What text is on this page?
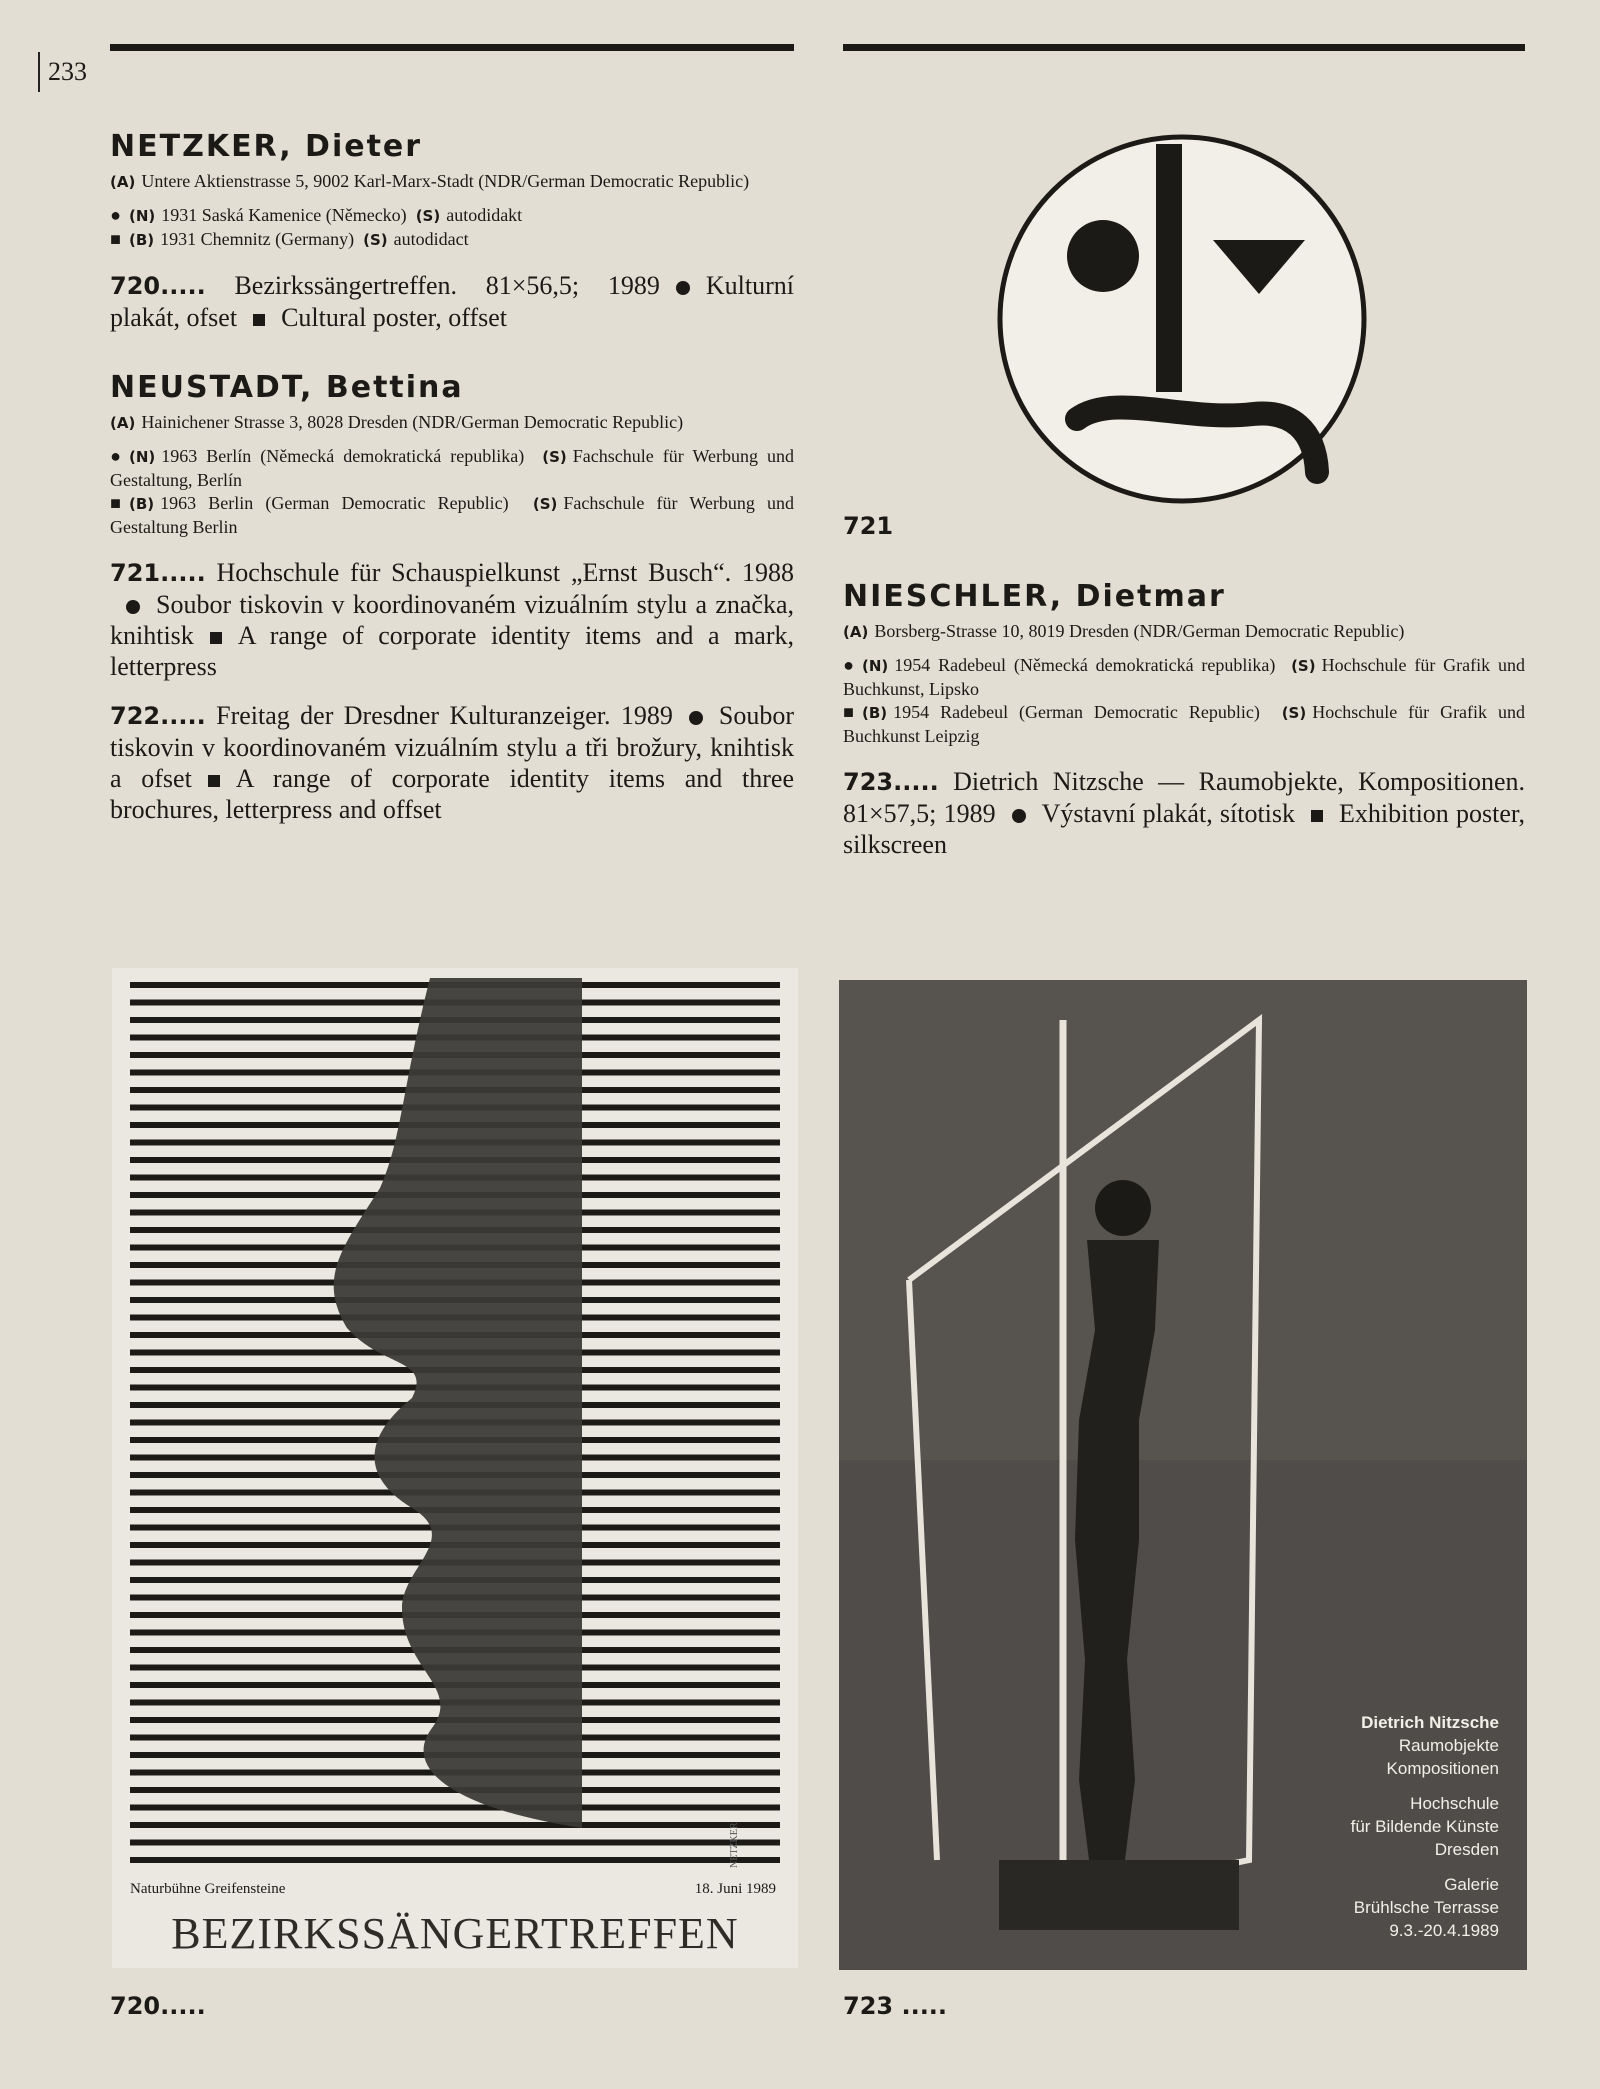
233
NETZKER, Dieter
(A) Untere Aktienstrasse 5, 9002 Karl-Marx-Stadt (NDR/German Democratic Republic)

● (N) 1931 Saská Kamenice (Německo) (S) autodidakt

■ (B) 1931 Chemnitz (Germany) (S) autodidact

720..... Bezirkssängertreffen. 81×56,5; 1989 Kulturní plakát, ofset Cultural poster, offset
NEUSTADT, Bettina
(A) Hainichener Strasse 3, 8028 Dresden (NDR/German Democratic Republic)

● (N) 1963 Berlín (Německá demokratická republika) (S) Fachschule für Werbung und Gestaltung, Berlín

■ (B) 1963 Berlin (German Democratic Republic) (S) Fachschule für Werbung und Gestaltung Berlin

721..... Hochschule für Schauspielkunst „Ernst Busch“. 1988Soubor tiskovin v koordinovaném vizuálním stylu a značka, knihtisk A range of corporate identity items and a mark, letterpress
722..... Freitag der Dresdner Kulturanzeiger. 1989 Soubor tiskovin v koordinovaném vizuálním stylu a tři brožury, knihtisk a ofset A range of corporate identity items and three brochures, letterpress and offset
721
NIESCHLER, Dietmar
(A) Borsberg-Strasse 10, 8019 Dresden (NDR/German Democratic Republic)

● (N) 1954 Radebeul (Německá demokratická republika) (S) Hochschule für Grafik und Buchkunst, Lipsko

■ (B) 1954 Radebeul (German Democratic Republic) (S) Hochschule für Grafik und Buchkunst Leipzig

723..... Dietrich Nitzsche — Raumobjekte, Kompositionen. 81×57,5; 1989 Výstavní plakát, sítotisk Exhibition poster, silkscreen
Naturbühne Greifensteine	18. Juni 1989
BEZIRKSSÄNGERTREFFEN
NETZKER
720.....
Dietrich Nitzsche
Raumobjekte
Kompositionen
Hochschule
für Bildende Künste
Dresden
Galerie
Brühlsche Terrasse
9.3.-20.4.1989
723 .....
